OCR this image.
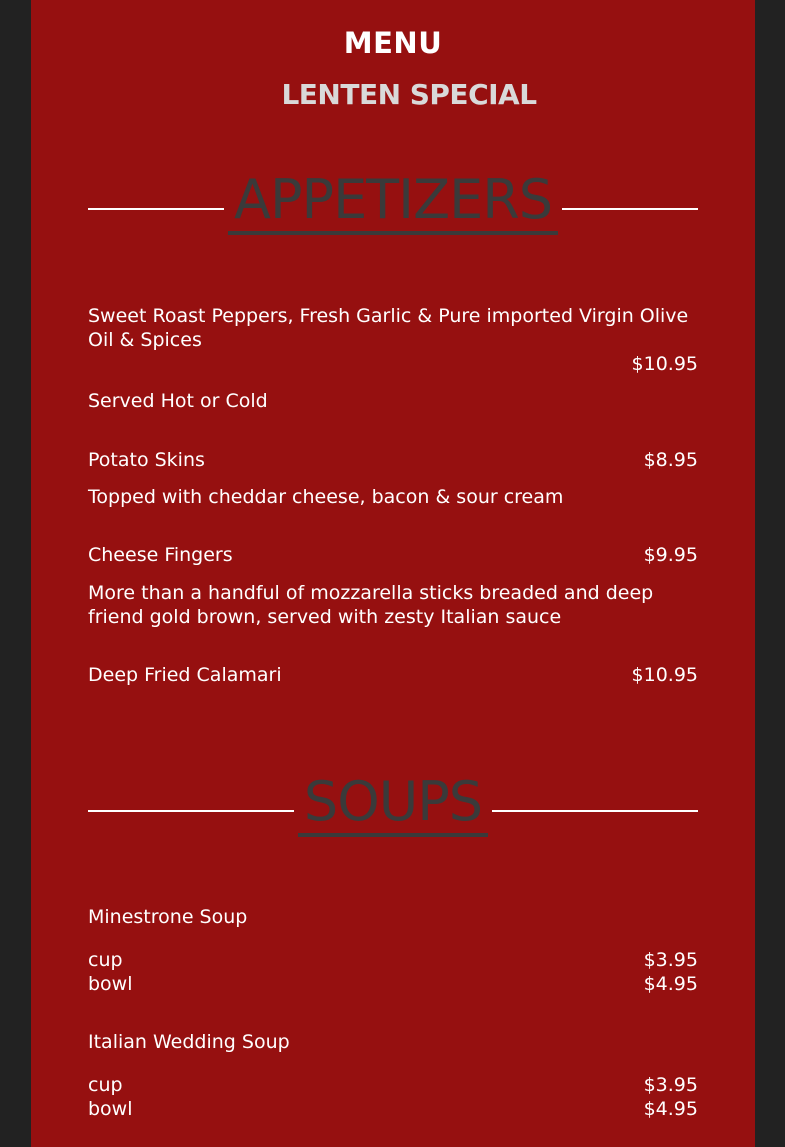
MENU
LENTEN SPECIAL
APPETIZERS

Sweet Roast Peppers, Fresh Garlic & Pure imported Virgin Olive Oil & Spices

$10.95

Served Hot or Cold

Potato Skins	$8.95

Topped with cheddar cheese, bacon & sour cream

Cheese Fingers	$9.95

More than a handful of mozzarella sticks breaded and deep friend gold brown, served with zesty Italian sauce

Deep Fried Calamari	$10.95

SOUPS

Minestrone Soup

cup	$3.95

bowl	$4.95

Italian Wedding Soup

cup	$3.95

bowl	$4.95
